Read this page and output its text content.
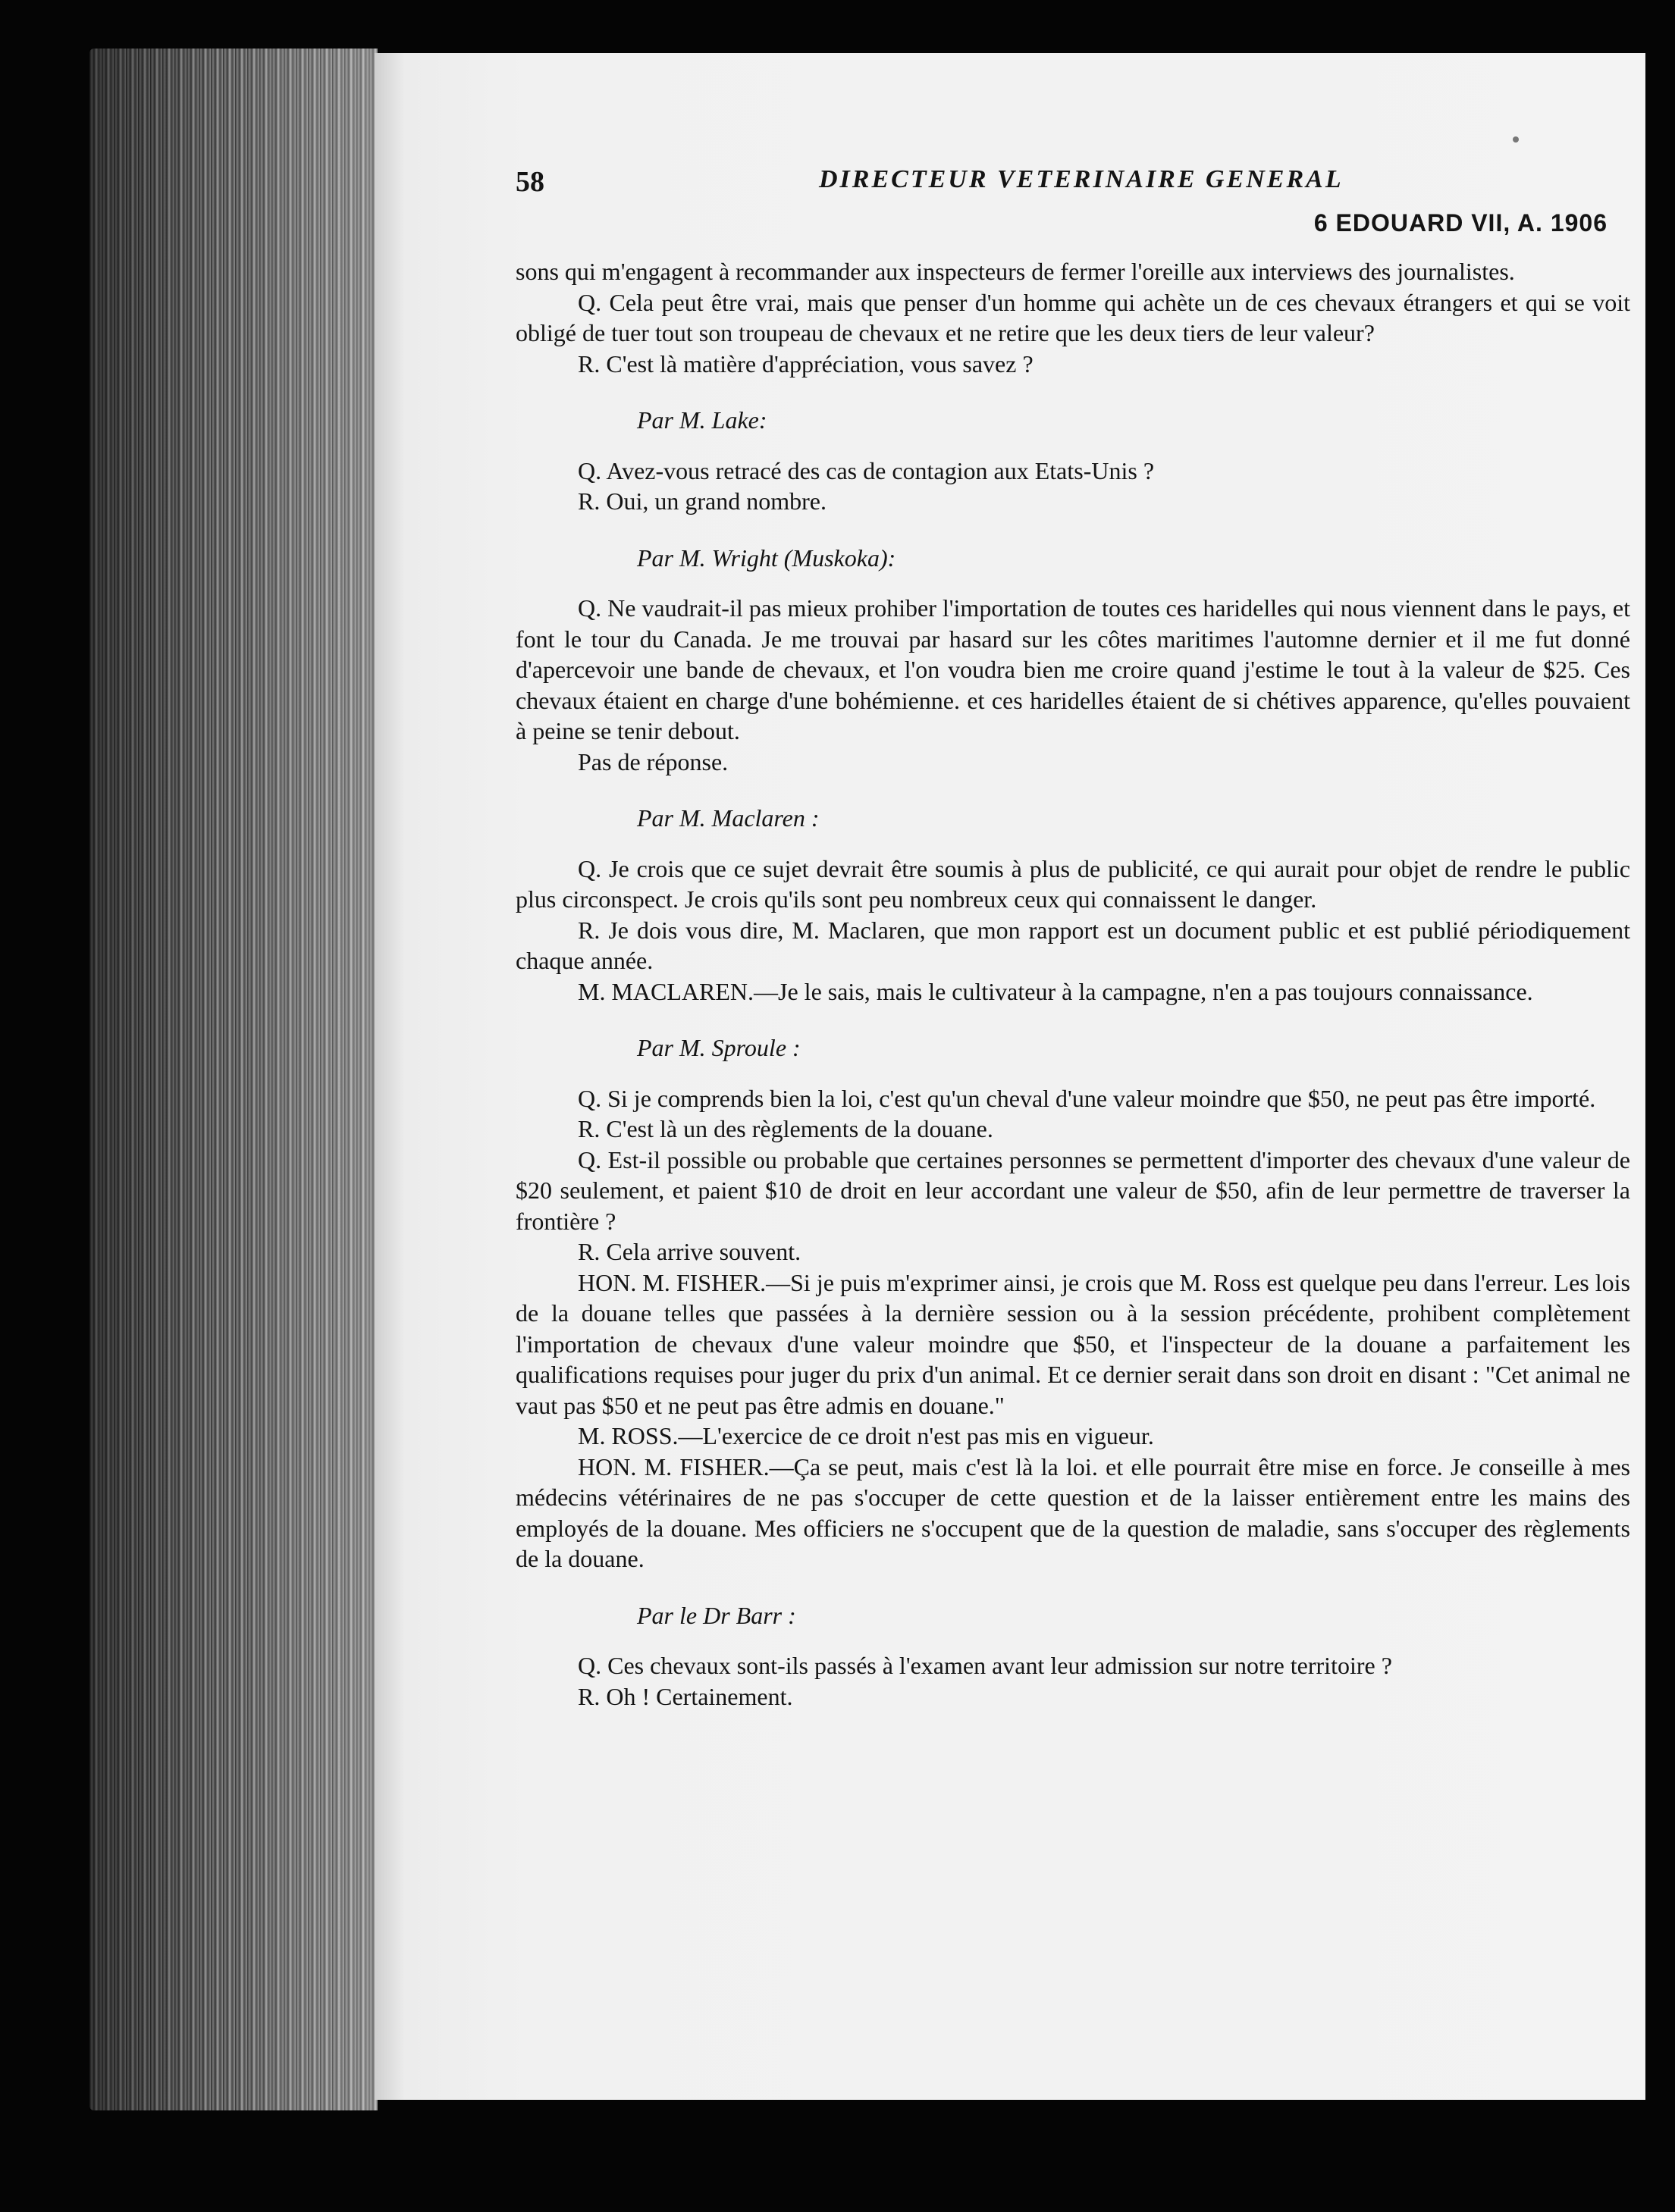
58	DIRECTEUR VETERINAIRE GENERAL
6 EDOUARD VII, A. 1906

sons qui m'engagent à recommander aux inspecteurs de fermer l'oreille aux interviews des journalistes.

Q. Cela peut être vrai, mais que penser d'un homme qui achète un de ces chevaux étrangers et qui se voit obligé de tuer tout son troupeau de chevaux et ne retire que les deux tiers de leur valeur?

R. C'est là matière d'appréciation, vous savez ?

Par M. Lake:

Q. Avez-vous retracé des cas de contagion aux Etats-Unis ?

R. Oui, un grand nombre.

Par M. Wright (Muskoka):

Q. Ne vaudrait-il pas mieux prohiber l'importation de toutes ces haridelles qui nous viennent dans le pays, et font le tour du Canada. Je me trouvai par hasard sur les côtes maritimes l'automne dernier et il me fut donné d'apercevoir une bande de chevaux, et l'on voudra bien me croire quand j'estime le tout à la valeur de $25. Ces chevaux étaient en charge d'une bohémienne. et ces haridelles étaient de si chétives apparence, qu'elles pouvaient à peine se tenir debout.

Pas de réponse.

Par M. Maclaren :

Q. Je crois que ce sujet devrait être soumis à plus de publicité, ce qui aurait pour objet de rendre le public plus circonspect. Je crois qu'ils sont peu nombreux ceux qui connaissent le danger.

R. Je dois vous dire, M. Maclaren, que mon rapport est un document public et est publié périodiquement chaque année.

M. MACLAREN.—Je le sais, mais le cultivateur à la campagne, n'en a pas toujours connaissance.

Par M. Sproule :

Q. Si je comprends bien la loi, c'est qu'un cheval d'une valeur moindre que $50, ne peut pas être importé.

R. C'est là un des règlements de la douane.

Q. Est-il possible ou probable que certaines personnes se permettent d'importer des chevaux d'une valeur de $20 seulement, et paient $10 de droit en leur accordant une valeur de $50, afin de leur permettre de traverser la frontière ?

R. Cela arrive souvent.

HON. M. FISHER.—Si je puis m'exprimer ainsi, je crois que M. Ross est quelque peu dans l'erreur. Les lois de la douane telles que passées à la dernière session ou à la session précédente, prohibent complètement l'importation de chevaux d'une valeur moindre que $50, et l'inspecteur de la douane a parfaitement les qualifications requises pour juger du prix d'un animal. Et ce dernier serait dans son droit en disant : "Cet animal ne vaut pas $50 et ne peut pas être admis en douane."

M. ROSS.—L'exercice de ce droit n'est pas mis en vigueur.

HON. M. FISHER.—Ça se peut, mais c'est là la loi. et elle pourrait être mise en force. Je conseille à mes médecins vétérinaires de ne pas s'occuper de cette question et de la laisser entièrement entre les mains des employés de la douane. Mes officiers ne s'occupent que de la question de maladie, sans s'occuper des règlements de la douane.

Par le Dr Barr :

Q. Ces chevaux sont-ils passés à l'examen avant leur admission sur notre territoire ?

R. Oh ! Certainement.
